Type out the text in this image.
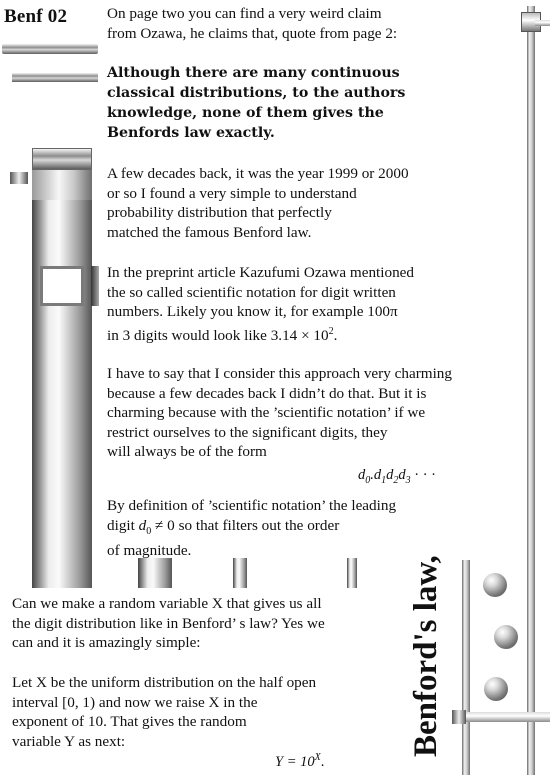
Benf 02
Benford's law,

On page two you can find a very weird claim

from Ozawa, he claims that, quote from page 2:

Although there are many continuous

classical distributions, to the authors

knowledge, none of them gives the

Benfords law exactly.

A few decades back, it was the year 1999 or 2000

or so I found a very simple to understand

probability distribution that perfectly

matched the famous Benford law.

In the preprint article Kazufumi Ozawa mentioned

the so called scientific notation for digit written

numbers. Likely you know it, for example 100π

in 3 digits would look like $3.14 \times 10^2$.

I have to say that I consider this approach very charming

because a few decades back I didn’t do that. But it is

charming because with the ’scientific notation’ if we

restrict ourselves to the significant digits, they

will always be of the form

$d_0.d_1d_2d_3$ · · ·

By definition of ’scientific notation’ the leading

digit $d_0 \ne 0$ so that filters out the order

of magnitude.

Can we make a random variable X that gives us all

the digit distribution like in Benford’ s law? Yes we

can and it is amazingly simple:

Let X be the uniform distribution on the half open

interval [0, 1) and now we raise X in the

exponent of 10. That gives the random

variable Y as next:

$Y = 10^X$.
